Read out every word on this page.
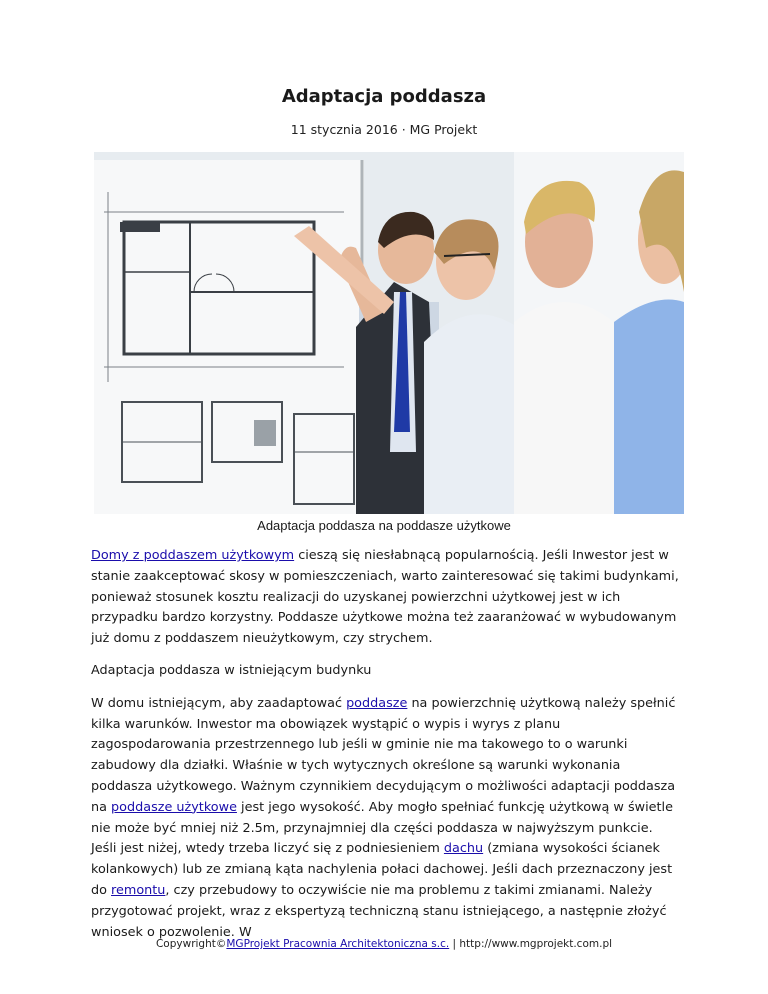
Adaptacja poddasza
11 stycznia 2016 · MG Projekt
Adaptacja poddasza na poddasze użytkowe

Domy z poddaszem użytkowym cieszą się niesłabnącą popularnością. Jeśli Inwestor jest w stanie zaakceptować skosy w pomieszczeniach, warto zainteresować się takimi budynkami, ponieważ stosunek kosztu realizacji do uzyskanej powierzchni użytkowej jest w ich przypadku bardzo korzystny. Poddasze użytkowe można też zaaranżować w wybudowanym już domu z poddaszem nieużytkowym, czy strychem.

Adaptacja poddasza w istniejącym budynku

W domu istniejącym, aby zaadaptować poddasze na powierzchnię użytkową należy spełnić kilka warunków. Inwestor ma obowiązek wystąpić o wypis i wyrys z planu zagospodarowania przestrzennego lub jeśli w gminie nie ma takowego to o warunki zabudowy dla działki. Właśnie w tych wytycznych określone są warunki wykonania poddasza użytkowego. Ważnym czynnikiem decydującym o możliwości adaptacji poddasza na poddasze użytkowe jest jego wysokość. Aby mogło spełniać funkcję użytkową w świetle nie może być mniej niż 2.5m, przynajmniej dla części poddasza w najwyższym punkcie. Jeśli jest niżej, wtedy trzeba liczyć się z podniesieniem dachu (zmiana wysokości ścianek kolankowych) lub ze zmianą kąta nachylenia połaci dachowej. Jeśli dach przeznaczony jest do remontu, czy przebudowy to oczywiście nie ma problemu z takimi zmianami. Należy przygotować projekt, wraz z ekspertyzą techniczną stanu istniejącego, a następnie złożyć wniosek o pozwolenie. W

Copywright©MGProjekt Pracownia Architektoniczna s.c. | http://www.mgprojekt.com.pl
